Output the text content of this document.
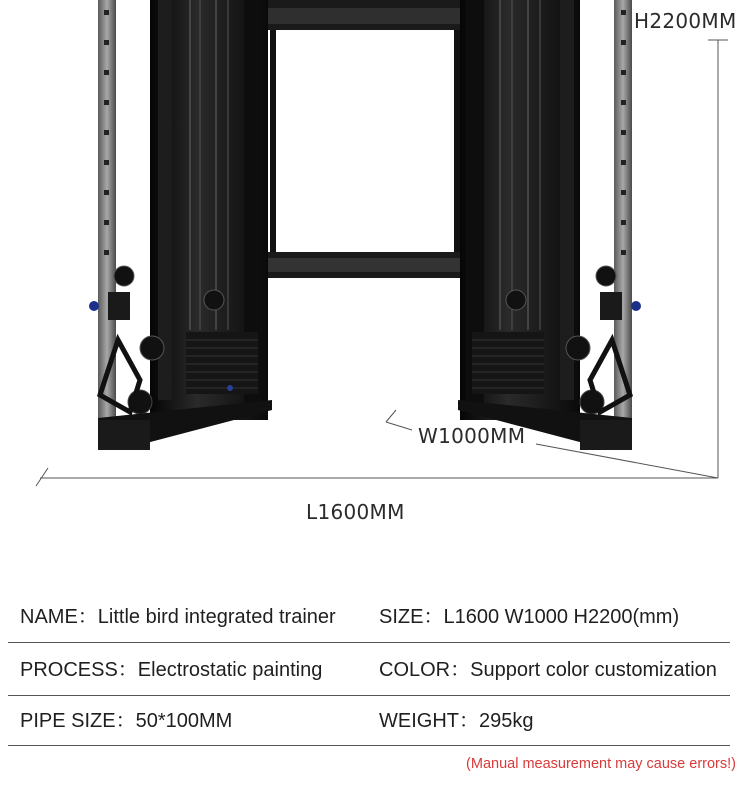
H2200MM
W1000MM
L1600MM
NAME：Little bird integrated trainer SIZE：L1600 W1000 H2200(mm)
PROCESS：Electrostatic painting	COLOR：Support color customization
PIPE SIZE：50*100MM	WEIGHT：295kg
(Manual measurement may cause errors!)
